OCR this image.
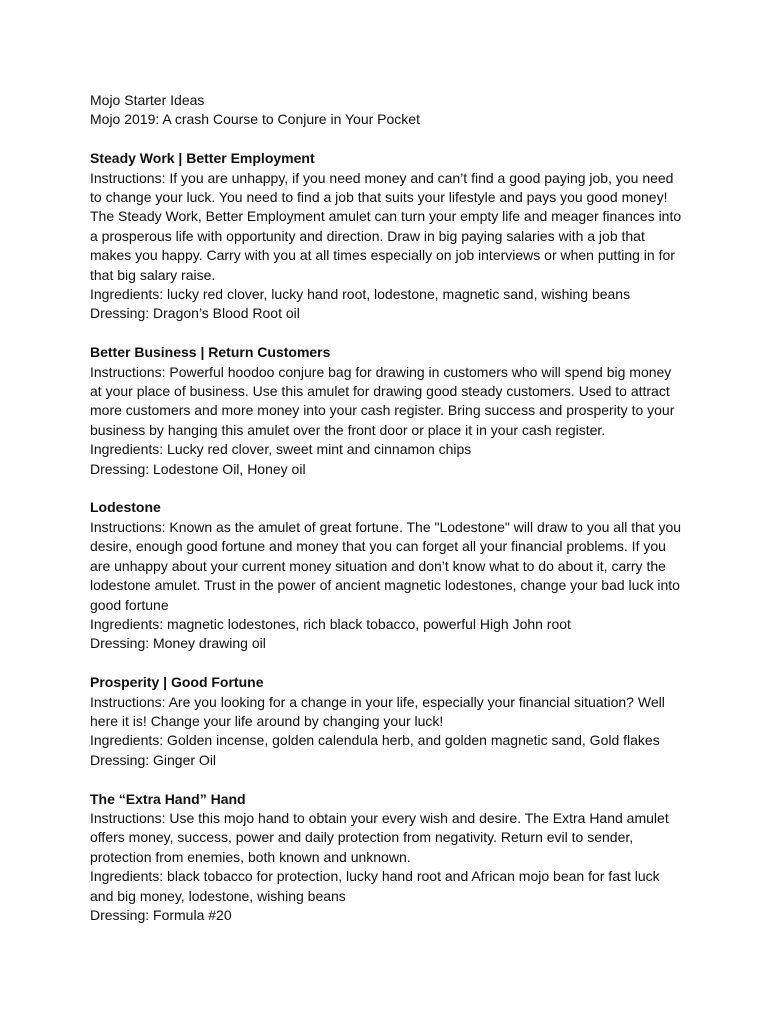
Mojo Starter Ideas
Mojo 2019: A crash Course to Conjure in Your Pocket
Steady Work | Better Employment
Instructions: If you are unhappy, if you need money and can’t find a good paying job, you need
to change your luck. You need to find a job that suits your lifestyle and pays you good money!
The Steady Work, Better Employment amulet can turn your empty life and meager finances into
a prosperous life with opportunity and direction. Draw in big paying salaries with a job that
makes you happy. Carry with you at all times especially on job interviews or when putting in for
that big salary raise.
Ingredients: lucky red clover, lucky hand root, lodestone, magnetic sand, wishing beans
Dressing: Dragon’s Blood Root oil
Better Business | Return Customers
Instructions: Powerful hoodoo conjure bag for drawing in customers who will spend big money
at your place of business. Use this amulet for drawing good steady customers. Used to attract
more customers and more money into your cash register. Bring success and prosperity to your
business by hanging this amulet over the front door or place it in your cash register.
Ingredients: Lucky red clover, sweet mint and cinnamon chips
Dressing: Lodestone Oil, Honey oil
Lodestone
Instructions: Known as the amulet of great fortune. The "Lodestone" will draw to you all that you
desire, enough good fortune and money that you can forget all your financial problems. If you
are unhappy about your current money situation and don’t know what to do about it, carry the
lodestone amulet. Trust in the power of ancient magnetic lodestones, change your bad luck into
good fortune
Ingredients: magnetic lodestones, rich black tobacco, powerful High John root
Dressing: Money drawing oil
Prosperity | Good Fortune
Instructions: Are you looking for a change in your life, especially your financial situation? Well
here it is! Change your life around by changing your luck!
Ingredients: Golden incense, golden calendula herb, and golden magnetic sand, Gold flakes
Dressing: Ginger Oil
The “Extra Hand” Hand
Instructions: Use this mojo hand to obtain your every wish and desire. The Extra Hand amulet
offers money, success, power and daily protection from negativity. Return evil to sender,
protection from enemies, both known and unknown.
Ingredients: black tobacco for protection, lucky hand root and African mojo bean for fast luck
and big money, lodestone, wishing beans
Dressing: Formula #20
